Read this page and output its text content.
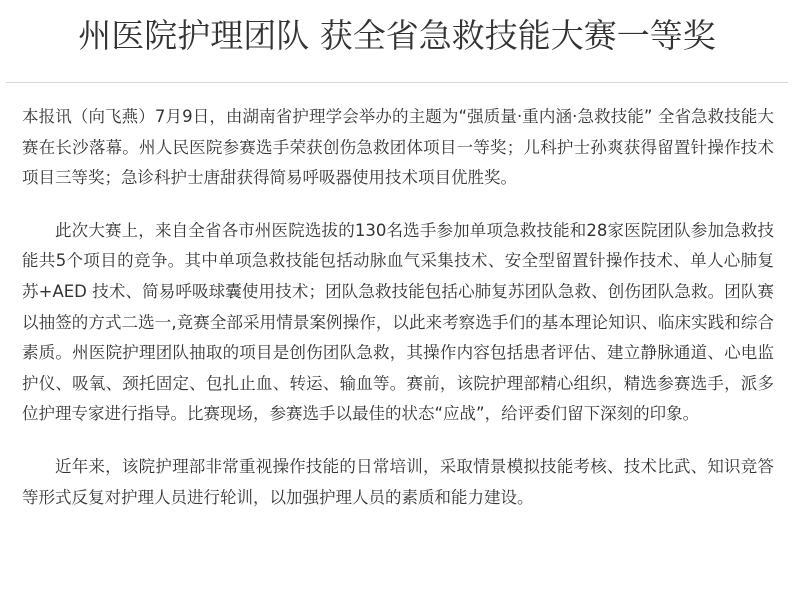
州医院护理团队 获全省急救技能大赛一等奖

本报讯（向飞燕）7月9日，由湖南省护理学会举办的主题为“强质量·重内涵·急救技能” 全省急救技能大赛在长沙落幕。州人民医院参赛选手荣获创伤急救团体项目一等奖；儿科护士孙爽获得留置针操作技术项目三等奖；急诊科护士唐甜获得简易呼吸器使用技术项目优胜奖。

此次大赛上，来自全省各市州医院选拔的130名选手参加单项急救技能和28家医院团队参加急救技能共5个项目的竞争。其中单项急救技能包括动脉血气采集技术、安全型留置针操作技术、单人心肺复苏+AED 技术、简易呼吸球囊使用技术；团队急救技能包括心肺复苏团队急救、创伤团队急救。团队赛以抽签的方式二选一,竟赛全部采用情景案例操作，以此来考察选手们的基本理论知识、临床实践和综合素质。州医院护理团队抽取的项目是创伤团队急救，其操作内容包括患者评估、建立静脉通道、心电监护仪、吸氧、颈托固定、包扎止血、转运、输血等。赛前，该院护理部精心组织，精选参赛选手，派多位护理专家进行指导。比赛现场，参赛选手以最佳的状态“应战”，给评委们留下深刻的印象。

近年来，该院护理部非常重视操作技能的日常培训，采取情景模拟技能考核、技术比武、知识竞答等形式反复对护理人员进行轮训，以加强护理人员的素质和能力建设。
